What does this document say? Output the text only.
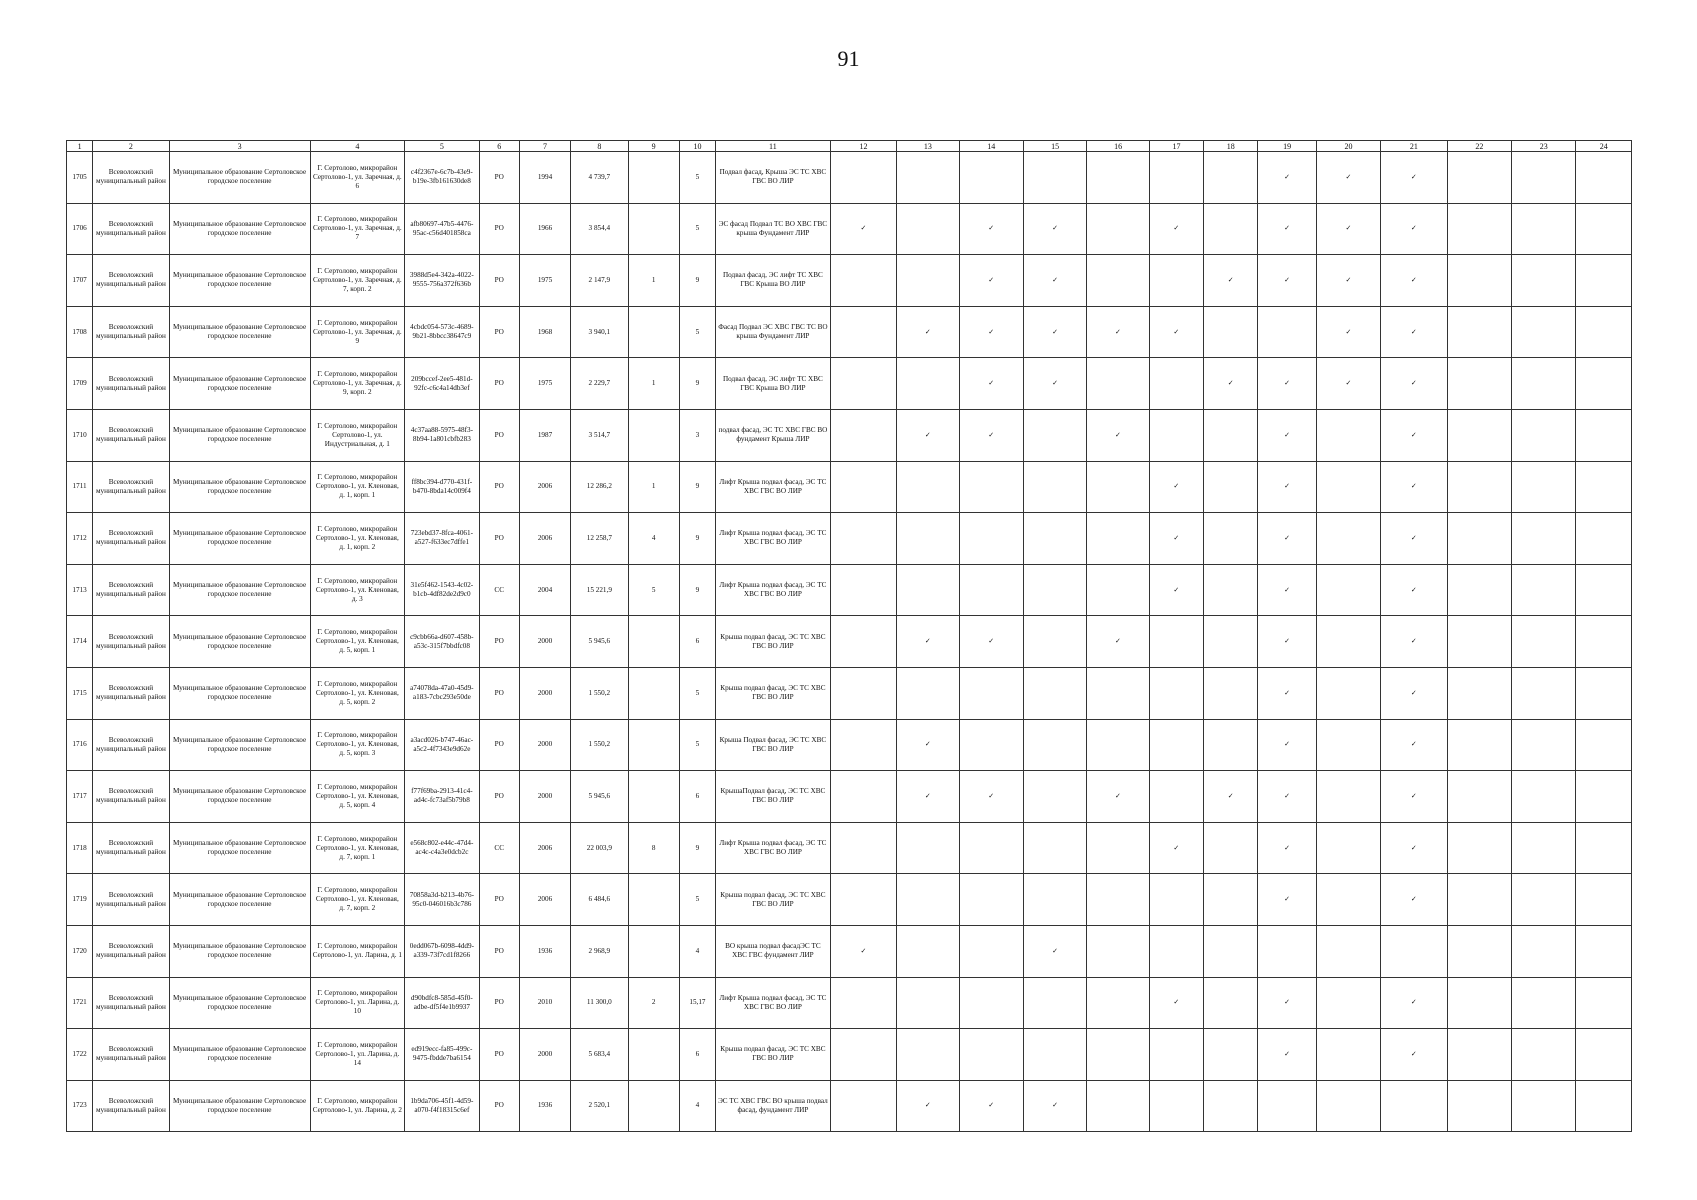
91
1	2	3	4	5	6	7	8	9	10	11	12	13	14	15	16	17	18	19	20	21	22	23	24
1705	Всеволожский муниципальный район	Муниципальное образование Сертоловское городское поселение	Г. Сертолово, микрорайон Сертолово-1, ул. Заречная, д. 6	c4f2367e-6c7b-43e9-b19e-3fb161630de8	РО	1994	4 739,7		5	Подвал фасад, Крыша ЭС ТС ХВС ГВС ВО ЛИР								✓	✓	✓			
1706	Всеволожский муниципальный район	Муниципальное образование Сертоловское городское поселение	Г. Сертолово, микрорайон Сертолово-1, ул. Заречная, д. 7	afb80697-47b5-4476-95ac-c56d401858ca	РО	1966	3 854,4		5	ЭС фасад Подвал ТС ВО ХВС ГВС крыша Фундамент ЛИР	✓		✓	✓		✓		✓	✓	✓			
1707	Всеволожский муниципальный район	Муниципальное образование Сертоловское городское поселение	Г. Сертолово, микрорайон Сертолово-1, ул. Заречная, д. 7, корп. 2	3988d5e4-342a-4022-9555-756a372f636b	РО	1975	2 147,9	1	9	Подвал фасад, ЭС лифт ТС ХВС ГВС Крыша ВО ЛИР			✓	✓			✓	✓	✓	✓			
1708	Всеволожский муниципальный район	Муниципальное образование Сертоловское городское поселение	Г. Сертолово, микрорайон Сертолово-1, ул. Заречная, д. 9	4cbdc054-573c-4689-9b21-8bbcc38647c9	РО	1968	3 940,1		5	Фасад Подвал ЭС ХВС ГВС ТС ВО крыша Фундамент ЛИР		✓	✓	✓	✓	✓			✓	✓			
1709	Всеволожский муниципальный район	Муниципальное образование Сертоловское городское поселение	Г. Сертолово, микрорайон Сертолово-1, ул. Заречная, д. 9, корп. 2	209bccef-2ee5-481d-92fc-c6c4a14db3ef	РО	1975	2 229,7	1	9	Подвал фасад, ЭС лифт ТС ХВС ГВС Крыша ВО ЛИР			✓	✓			✓	✓	✓	✓			
1710	Всеволожский муниципальный район	Муниципальное образование Сертоловское городское поселение	Г. Сертолово, микрорайон Сертолово-1, ул. Индустриальная, д. 1	4c37aa88-5975-48f3-8b94-1a801cbfb283	РО	1987	3 514,7		3	подвал фасад, ЭС ТС ХВС ГВС ВО фундамент Крыша ЛИР		✓	✓		✓			✓		✓			
1711	Всеволожский муниципальный район	Муниципальное образование Сертоловское городское поселение	Г. Сертолово, микрорайон Сертолово-1, ул. Кленовая, д. 1, корп. 1	ff8bc394-d770-431f-b470-8bda14c009f4	РО	2006	12 286,2	1	9	Лифт Крыша подвал фасад, ЭС ТС ХВС ГВС ВО ЛИР						✓		✓		✓			
1712	Всеволожский муниципальный район	Муниципальное образование Сертоловское городское поселение	Г. Сертолово, микрорайон Сертолово-1, ул. Кленовая, д. 1, корп. 2	723ebd37-8fca-4061-a527-f633ec7dffe1	РО	2006	12 258,7	4	9	Лифт Крыша подвал фасад, ЭС ТС ХВС ГВС ВО ЛИР						✓		✓		✓			
1713	Всеволожский муниципальный район	Муниципальное образование Сертоловское городское поселение	Г. Сертолово, микрорайон Сертолово-1, ул. Кленовая, д. 3	31e5f462-1543-4c02-b1cb-4df82de2d9c0	СС	2004	15 221,9	5	9	Лифт Крыша подвал фасад, ЭС ТС ХВС ГВС ВО ЛИР						✓		✓		✓			
1714	Всеволожский муниципальный район	Муниципальное образование Сертоловское городское поселение	Г. Сертолово, микрорайон Сертолово-1, ул. Кленовая, д. 5, корп. 1	c9cbb66a-d607-458b-a53c-315f7bbdfc08	РО	2000	5 945,6		6	Крыша подвал фасад, ЭС ТС ХВС ГВС ВО ЛИР		✓	✓		✓			✓		✓			
1715	Всеволожский муниципальный район	Муниципальное образование Сертоловское городское поселение	Г. Сертолово, микрорайон Сертолово-1, ул. Кленовая, д. 5, корп. 2	a74078da-47a0-45d9-a183-7cbc293e50de	РО	2000	1 550,2		5	Крыша подвал фасад, ЭС ТС ХВС ГВС ВО ЛИР								✓		✓			
1716	Всеволожский муниципальный район	Муниципальное образование Сертоловское городское поселение	Г. Сертолово, микрорайон Сертолово-1, ул. Кленовая, д. 5, корп. 3	a3acd026-b747-46ac-a5c2-4f7343e9d62e	РО	2000	1 550,2		5	Крыша Подвал фасад, ЭС ТС ХВС ГВС ВО ЛИР		✓						✓		✓			
1717	Всеволожский муниципальный район	Муниципальное образование Сертоловское городское поселение	Г. Сертолово, микрорайон Сертолово-1, ул. Кленовая, д. 5, корп. 4	f77f69ba-2913-41c4-ad4c-fc73af5b79b8	РО	2000	5 945,6		6	КрышаПодвал фасад, ЭС ТС ХВС ГВС ВО ЛИР		✓	✓		✓		✓	✓		✓			
1718	Всеволожский муниципальный район	Муниципальное образование Сертоловское городское поселение	Г. Сертолово, микрорайон Сертолово-1, ул. Кленовая, д. 7, корп. 1	e568c802-e44c-47d4-ac4c-c4a3e0dcb2c	СС	2006	22 003,9	8	9	Лифт Крыша подвал фасад, ЭС ТС ХВС ГВС ВО ЛИР						✓		✓		✓			
1719	Всеволожский муниципальный район	Муниципальное образование Сертоловское городское поселение	Г. Сертолово, микрорайон Сертолово-1, ул. Кленовая, д. 7, корп. 2	70858a3d-b213-4b76-95c0-046016b3c786	РО	2006	6 484,6		5	Крыша подвал фасад, ЭС ТС ХВС ГВС ВО ЛИР								✓		✓			
1720	Всеволожский муниципальный район	Муниципальное образование Сертоловское городское поселение	Г. Сертолово, микрорайон Сертолово-1, ул. Ларина, д. 1	0edd067b-6098-4dd9-a339-73f7cd1f8266	РО	1936	2 968,9		4	ВО крыша подвал фасадЭС ТС ХВС ГВС фундамент ЛИР	✓			✓									
1721	Всеволожский муниципальный район	Муниципальное образование Сертоловское городское поселение	Г. Сертолово, микрорайон Сертолово-1, ул. Ларина, д. 10	d90bdfc8-585d-45f0-adbe-df5f4e1b9937	РО	2010	11 300,0	2	15,17	Лифт Крыша подвал фасад, ЭС ТС ХВС ГВС ВО ЛИР						✓		✓		✓			
1722	Всеволожский муниципальный район	Муниципальное образование Сертоловское городское поселение	Г. Сертолово, микрорайон Сертолово-1, ул. Ларина, д. 14	ed919ecc-fa85-499c-9475-fbdde7ba6154	РО	2000	5 683,4		6	Крыша подвал фасад, ЭС ТС ХВС ГВС ВО ЛИР								✓		✓			
1723	Всеволожский муниципальный район	Муниципальное образование Сертоловское городское поселение	Г. Сертолово, микрорайон Сертолово-1, ул. Ларина, д. 2	1b9da706-45f1-4d59-a070-f4f18315c6ef	РО	1936	2 520,1		4	ЭС ТС ХВС ГВС ВО крыша подвал фасад, фундамент ЛИР		✓	✓	✓									
